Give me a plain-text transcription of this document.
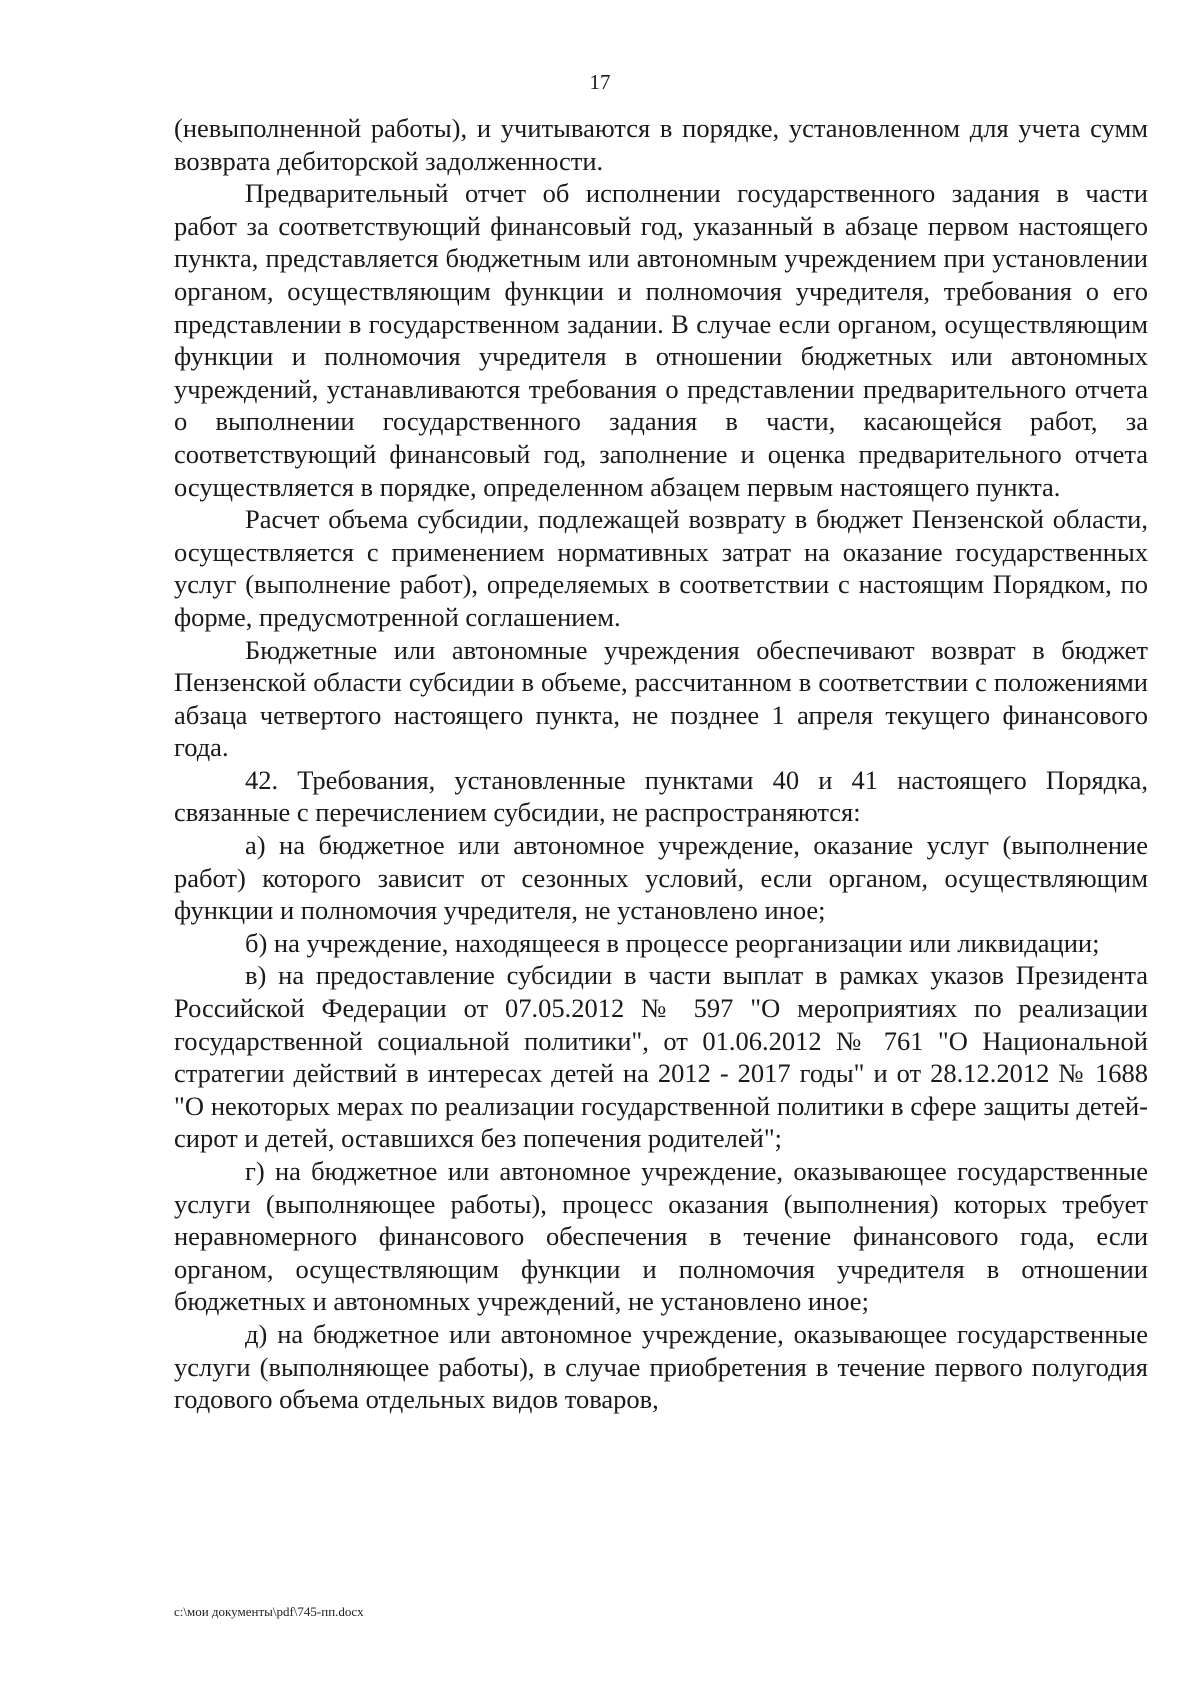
17

(невыполненной работы), и учитываются в порядке, установленном для учета сумм возврата дебиторской задолженности.

Предварительный отчет об исполнении государственного задания в части работ за соответствующий финансовый год, указанный в абзаце первом настоящего пункта, представляется бюджетным или автономным учреждением при установлении органом, осуществляющим функции и полномочия учредителя, требования о его представлении в государственном задании. В случае если органом, осуществляющим функции и полномочия учредителя в отношении бюджетных или автономных учреждений, устанавливаются требования о представлении предварительного отчета о выполнении государственного задания в части, касающейся работ, за соответствующий финансовый год, заполнение и оценка предварительного отчета осуществляется в порядке, определенном абзацем первым настоящего пункта.

Расчет объема субсидии, подлежащей возврату в бюджет Пензенской области, осуществляется с применением нормативных затрат на оказание государственных услуг (выполнение работ), определяемых в соответствии с настоящим Порядком, по форме, предусмотренной соглашением.

Бюджетные или автономные учреждения обеспечивают возврат в бюджет Пензенской области субсидии в объеме, рассчитанном в соответствии с положениями абзаца четвертого настоящего пункта, не позднее 1 апреля текущего финансового года.

42. Требования, установленные пунктами 40 и 41 настоящего Порядка, связанные с перечислением субсидии, не распространяются:

а) на бюджетное или автономное учреждение, оказание услуг (выполнение работ) которого зависит от сезонных условий, если органом, осуществляющим функции и полномочия учредителя, не установлено иное;

б) на учреждение, находящееся в процессе реорганизации или ликвидации;

в) на предоставление субсидии в части выплат в рамках указов Президента Российской Федерации от 07.05.2012 № 597 "О мероприятиях по реализации государственной социальной политики", от 01.06.2012 № 761 "О Национальной стратегии действий в интересах детей на 2012 - 2017 годы" и от 28.12.2012 № 1688 "О некоторых мерах по реализации государственной политики в сфере защиты детей-сирот и детей, оставшихся без попечения родителей";

г) на бюджетное или автономное учреждение, оказывающее государственные услуги (выполняющее работы), процесс оказания (выполнения) которых требует неравномерного финансового обеспечения в течение финансового года, если органом, осуществляющим функции и полномочия учредителя в отношении бюджетных и автономных учреждений, не установлено иное;

д) на бюджетное или автономное учреждение, оказывающее государственные услуги (выполняющее работы), в случае приобретения в течение первого полугодия годового объема отдельных видов товаров,

c:\мои документы\pdf\745-пп.docx
